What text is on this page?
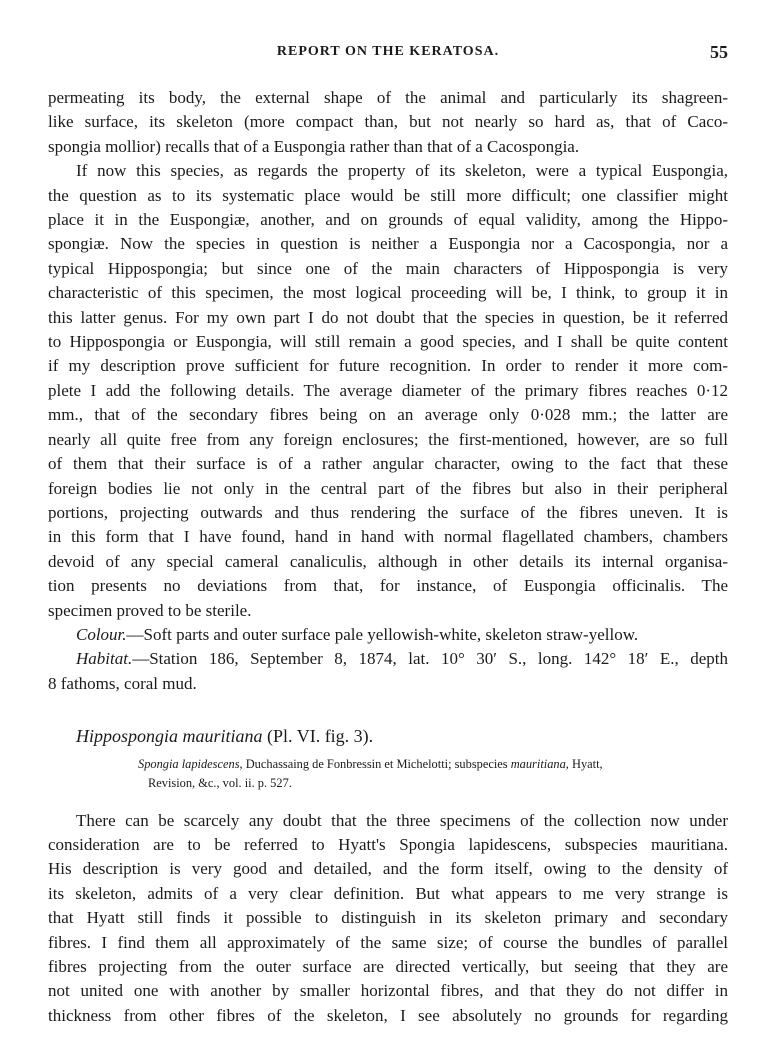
REPORT ON THE KERATOSA.	55
permeating its body, the external shape of the animal and particularly its shagreen-
like surface, its skeleton (more compact than, but not nearly so hard as, that of Caco-
spongia mollior) recalls that of a Euspongia rather than that of a Cacospongia.
If now this species, as regards the property of its skeleton, were a typical Euspongia,
the question as to its systematic place would be still more difficult; one classifier might
place it in the Euspongiæ, another, and on grounds of equal validity, among the Hippo-
spongiæ. Now the species in question is neither a Euspongia nor a Cacospongia, nor a
typical Hippospongia; but since one of the main characters of Hippospongia is very
characteristic of this specimen, the most logical proceeding will be, I think, to group it in
this latter genus. For my own part I do not doubt that the species in question, be it referred
to Hippospongia or Euspongia, will still remain a good species, and I shall be quite content
if my description prove sufficient for future recognition. In order to render it more com-
plete I add the following details. The average diameter of the primary fibres reaches 0·12
mm., that of the secondary fibres being on an average only 0·028 mm.; the latter are
nearly all quite free from any foreign enclosures; the first-mentioned, however, are so full
of them that their surface is of a rather angular character, owing to the fact that these
foreign bodies lie not only in the central part of the fibres but also in their peripheral
portions, projecting outwards and thus rendering the surface of the fibres uneven. It is
in this form that I have found, hand in hand with normal flagellated chambers, chambers
devoid of any special cameral canaliculis, although in other details its internal organisa-
tion presents no deviations from that, for instance, of Euspongia officinalis. The
specimen proved to be sterile.
Colour.—Soft parts and outer surface pale yellowish-white, skeleton straw-yellow.
Habitat.—Station 186, September 8, 1874, lat. 10° 30′ S., long. 142° 18′ E., depth
8 fathoms, coral mud.
Hippospongia mauritiana (Pl. VI. fig. 3).
Spongia lapidescens, Duchassaing de Fonbressin et Michelotti; subspecies mauritiana, Hyatt,
Revision, &c., vol. ii. p. 527.
There can be scarcely any doubt that the three specimens of the collection now under
consideration are to be referred to Hyatt's Spongia lapidescens, subspecies mauritiana.
His description is very good and detailed, and the form itself, owing to the density of
its skeleton, admits of a very clear definition. But what appears to me very strange is
that Hyatt still finds it possible to distinguish in its skeleton primary and secondary
fibres. I find them all approximately of the same size; of course the bundles of parallel
fibres projecting from the outer surface are directed vertically, but seeing that they are
not united one with another by smaller horizontal fibres, and that they do not differ in
thickness from other fibres of the skeleton, I see absolutely no grounds for regarding
